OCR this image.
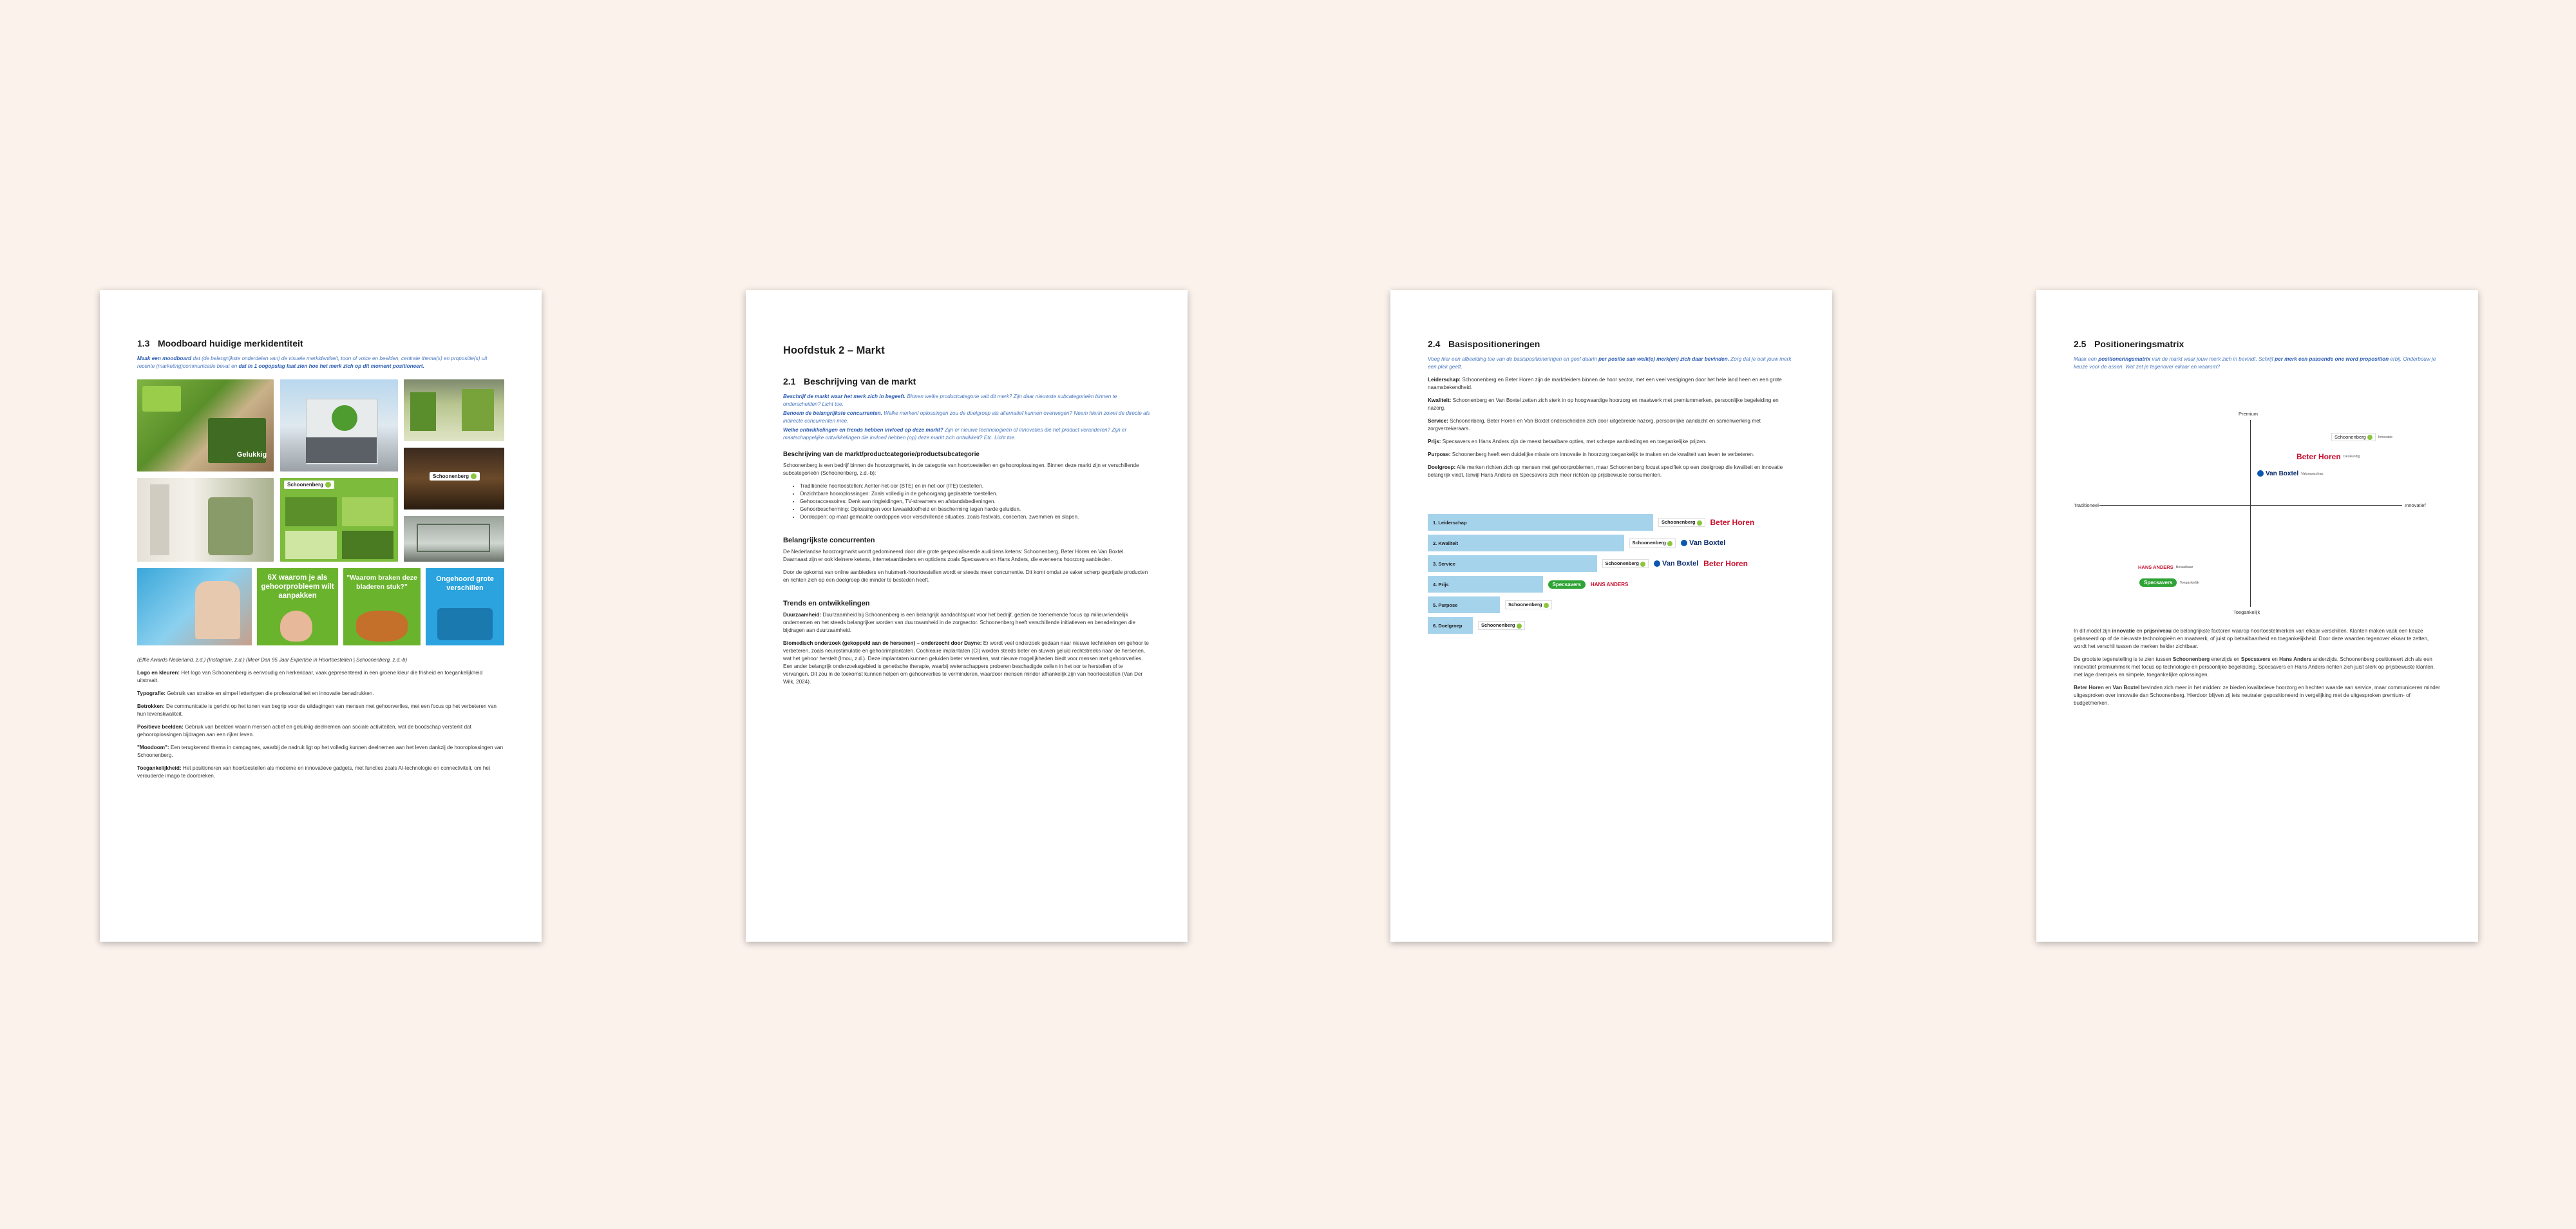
1.3 Moodboard huidige merkidentiteit

Maak een moodboard dat (de belangrijkste onderdelen van) de visuele merkidentiteit, toon of voice en beelden, centrale thema(s) en propositie(s) uit recente (marketing)communicatie bevat en dat in 1 oogopslag laat zien hoe het merk zich op dit moment positioneert.

Gelukkig
Schoonenberg
Schoonenberg
6X waarom je als gehoorprobleem wilt aanpakken
"Waarom braken deze bladeren stuk?"
Ongehoord grote verschillen

(Effie Awards Nederland, z.d.) (Instagram, z.d.) (Meer Dan 95 Jaar Expertise in Hoortoestellen | Schoonenberg, z.d.-b)

Logo en kleuren: Het logo van Schoonenberg is eenvoudig en herkenbaar, vaak gepresenteerd in een groene kleur die frisheid en toegankelijkheid uitstraalt.

Typografie: Gebruik van strakke en simpel lettertypen die professionaliteit en innovatie benadrukken.

Betrokken: De communicatie is gericht op het tonen van begrip voor de uitdagingen van mensen met gehoorverlies, met een focus op het verbeteren van hun levenskwaliteit.

Positieve beelden: Gebruik van beelden waarin mensen actief en gelukkig deelnemen aan sociale activiteiten, wat de boodschap versterkt dat gehooroplossingen bijdragen aan een rijker leven.

"Moodoom": Een terugkerend thema in campagnes, waarbij de nadruk ligt op het volledig kunnen deelnemen aan het leven dankzij de hooroplossingen van Schoonenberg.

Toegankelijkheid: Het positioneren van hoortoestellen als moderne en innovatieve gadgets, met functies zoals AI-technologie en connectiviteit, om het verouderde imago te doorbreken.

Hoofdstuk 2 – Markt
2.1 Beschrijving van de markt

Beschrijf de markt waar het merk zich in begeeft. Binnen welke productcategorie valt dit merk? Zijn daar nieuwste subcategorieën binnen te onderscheiden? Licht toe.

Benoem de belangrijkste concurrenten. Welke merken/ oplossingen zou de doelgroep als alternatief kunnen overwegen? Neem hierin zowel de directe als indirecte concurrenten mee.

Welke ontwikkelingen en trends hebben invloed op deze markt? Zijn er nieuwe technologieën of innovaties die het product veranderen? Zijn er maatschappelijke ontwikkelingen die invloed hebben (op) deze markt zich ontwikkelt? Etc. Licht toe.

Beschrijving van de markt/productcategorie/productsubcategorie

Schoonenberg is een bedrijf binnen de hoorzorgmarkt, in de categorie van hoortoestellen en gehooroplossingen. Binnen deze markt zijn er verschillende subcategorieën (Schoonenberg, z.d.-b):

• Traditionele hoortoestellen: Achter-het-oor (BTE) en in-het-oor (ITE) toestellen.
• Onzichtbare hooroplossingen: Zoals volledig in de gehoorgang geplaatste toestellen.
• Gehooraccessoires: Denk aan ringleidingen, TV-streamers en afstandsbedieningen.
• Gehoorbescherming: Oplossingen voor lawaaiidoofheid en bescherming tegen harde geluiden.
• Oordoppen: op maat gemaakte oordoppen voor verschillende situaties, zoals festivals, concerten, zwemmen en slapen.
Belangrijkste concurrenten

De Nederlandse hoorzorgmarkt wordt gedomineerd door drie grote gespecialiseerde audiciens ketens: Schoonenberg, Beter Horen en Van Boxtel. Daarnaast zijn er ook kleinere ketens, internetaanbieders en opticiens zoals Specsavers en Hans Anders, die eveneens hoorzorg aanbieden.

Door de opkomst van online aanbieders en huismerk-hoortoestellen wordt er steeds meer concurrentie. Dit komt omdat ze vaker scherp geprijsde producten en richten zich op een doelgroep die minder te besteden heeft.

Trends en ontwikkelingen

Duurzaamheid: Duurzaamheid bij Schoonenberg is een belangrijk aandachtspunt voor het bedrijf, gezien de toenemende focus op milieuvriendelijk ondernemen en het steeds belangrijker worden van duurzaamheid in de zorgsector. Schoonenberg heeft verschillende initiatieven en benaderingen die bijdragen aan duurzaamheid.

Biomedisch onderzoek (gekoppeld aan de hersenen) – onderzocht door Dayne: Er wordt veel onderzoek gedaan naar nieuwe technieken om gehoor te verbeteren, zoals neurostimulatie en gehoorimplantaten. Cochleaire implantaten (CI) worden steeds beter en stuwen geluid rechtstreeks naar de hersenen, wat het gehoor herstelt (Imou, z.d.). Deze implantaten kunnen geluiden beter verwerken, wat nieuwe mogelijkheden biedt voor mensen met gehoorverlies. Een ander belangrijk onderzoeksgebied is genetische therapie, waarbij wetenschappers proberen beschadigde cellen in het oor te herstellen of te vervangen. Dit zou in de toekomst kunnen helpen om gehoorverlies te verminderen, waardoor mensen minder afhankelijk zijn van hoortoestellen (Van Der Wilk, 2024).

2.4 Basispositioneringen

Voeg hier een afbeelding toe van de basispositioneringen en geef daarin per positie aan welk(e) merk(en) zich daar bevinden. Zorg dat je ook jouw merk een plek geeft.

Leiderschap: Schoonenberg en Beter Horen zijn de marktleiders binnen de hoor sector, met een veel vestigingen door het hele land heen en een grote naamsbekendheid.

Kwaliteit: Schoonenberg en Van Boxtel zetten zich sterk in op hoogwaardige hoorzorg en maatwerk met premiummerken, persoonlijke begeleiding en nazorg.

Service: Schoonenberg, Beter Horen en Van Boxtel onderscheiden zich door uitgebreide nazorg, persoonlijke aandacht en samenwerking met zorgverzekeraars.

Prijs: Specsavers en Hans Anders zijn de meest betaalbare opties, met scherpe aanbiedingen en toegankelijke prijzen.

Purpose: Schoonenberg heeft een duidelijke missie om innovatie in hoorzorg toegankelijk te maken en de kwaliteit van leven te verbeteren.

Doelgroep: Alle merken richten zich op mensen met gehoorproblemen, maar Schoonenberg focust specifiek op een doelgroep die kwaliteit en innovatie belangrijk vindt, terwijl Hans Anders en Specsavers zich meer richten op prijsbewuste consumenten.

1. Leiderschap	Schoonenberg	Beter Horen
2. Kwaliteit	Schoonenberg	Van Boxtel
3. Service	Schoonenberg	Van Boxtel Beter Horen
4. Prijs	Specsavers	HANS ANDERS
5. Purpose	Schoonenberg
6. Doelgroep	Schoonenberg
2.5 Positioneringsmatrix

Maak een positioneringsmatrix van de markt waar jouw merk zich in bevindt. Schrijf per merk een passende one word proposition erbij. Onderbouw je keuze voor de assen. Wat zet je tegenover elkaar en waarom?

Premium
Toegankelijk
Traditioneel	Innovatief
Schoonenberg	Innovatie
Beter Horen Deskundig
Van Boxtel Vakmanschap
HANS ANDERS Betaalbaar
Specsavers	Toegankelijk

In dit model zijn innovatie en prijsniveau de belangrijkste factoren waarop hoortoestelmerken van elkaar verschillen. Klanten maken vaak een keuze gebaseerd op of de nieuwste technologieën en maatwerk, of juist op betaalbaarheid en toegankelijkheid. Door deze waarden tegenover elkaar te zetten, wordt het verschil tussen de merken helder zichtbaar.

De grootste tegenstelling is te zien tussen Schoonenberg enerzijds en Specsavers en Hans Anders anderzijds. Schoonenberg positioneert zich als een innovatief premiummerk met focus op technologie en persoonlijke begeleiding. Specsavers en Hans Anders richten zich juist sterk op prijsbewuste klanten, met lage drempels en simpele, toegankelijke oplossingen.

Beter Horen en Van Boxtel bevinden zich meer in het midden: ze bieden kwalitatieve hoorzorg en hechten waarde aan service, maar communiceren minder uitgesproken over innovatie dan Schoonenberg. Hierdoor blijven zij iets neutraler gepositioneerd in vergelijking met de uitgesproken premium- of budgetmerken.
